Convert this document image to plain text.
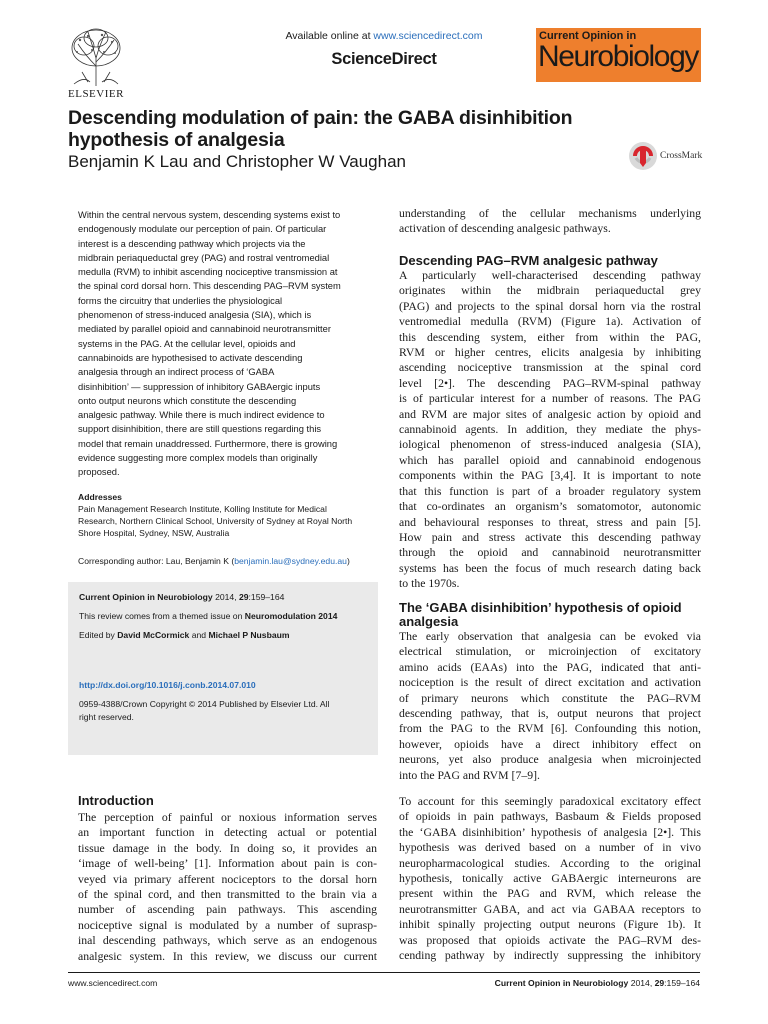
ELSEVIER
Available online at www.sciencedirect.com
ScienceDirect
Current Opinion in
Neurobiology
Descending modulation of pain: the GABA disinhibition
hypothesis of analgesia
Benjamin K Lau and Christopher W Vaughan	CrossMark
Within the central nervous system, descending systems exist to
endogenously modulate our perception of pain. Of particular
interest is a descending pathway which projects via the
midbrain periaqueductal grey (PAG) and rostral ventromedial
medulla (RVM) to inhibit ascending nociceptive transmission at
the spinal cord dorsal horn. This descending PAG–RVM system
forms the circuitry that underlies the physiological
phenomenon of stress-induced analgesia (SIA), which is
mediated by parallel opioid and cannabinoid neurotransmitter
systems in the PAG. At the cellular level, opioids and
cannabinoids are hypothesised to activate descending
analgesia through an indirect process of ‘GABA
disinhibition’ — suppression of inhibitory GABAergic inputs
onto output neurons which constitute the descending
analgesic pathway. While there is much indirect evidence to
support disinhibition, there are still questions regarding this
model that remain unaddressed. Furthermore, there is growing
evidence suggesting more complex models than originally
proposed.
Addresses
Pain Management Research Institute, Kolling Institute for Medical
Research, Northern Clinical School, University of Sydney at Royal North
Shore Hospital, Sydney, NSW, Australia
Corresponding author: Lau, Benjamin K (benjamin.lau@sydney.edu.au)
Current Opinion in Neurobiology 2014, 29:159–164
This review comes from a themed issue on Neuromodulation 2014
Edited by David McCormick and Michael P Nusbaum
http://dx.doi.org/10.1016/j.conb.2014.07.010
0959-4388/Crown Copyright © 2014 Published by Elsevier Ltd. All
right reserved.
Introduction
The perception of painful or noxious information serves
an important function in detecting actual or potential
tissue damage in the body. In doing so, it provides an
‘image of well-being’ [1]. Information about pain is con-
veyed via primary afferent nociceptors to the dorsal horn
of the spinal cord, and then transmitted to the brain via a
number of ascending pain pathways. This ascending
nociceptive signal is modulated by a number of suprasp-
inal descending pathways, which serve as an endogenous
analgesic system. In this review, we discuss our current
understanding of the cellular mechanisms underlying
activation of descending analgesic pathways.
Descending PAG–RVM analgesic pathway
A particularly well-characterised descending pathway
originates within the midbrain periaqueductal grey
(PAG) and projects to the spinal dorsal horn via the rostral
ventromedial medulla (RVM) (Figure 1a). Activation of
this descending system, either from within the PAG,
RVM or higher centres, elicits analgesia by inhibiting
ascending nociceptive transmission at the spinal cord
level [2•]. The descending PAG–RVM-spinal pathway
is of particular interest for a number of reasons. The PAG
and RVM are major sites of analgesic action by opioid and
cannabinoid agents. In addition, they mediate the phys-
iological phenomenon of stress-induced analgesia (SIA),
which has parallel opioid and cannabinoid endogenous
components within the PAG [3,4]. It is important to note
that this function is part of a broader regulatory system
that co-ordinates an organism’s somatomotor, autonomic
and behavioural responses to threat, stress and pain [5].
How pain and stress activate this descending pathway
through the opioid and cannabinoid neurotransmitter
systems has been the focus of much research dating back
to the 1970s.
The ‘GABA disinhibition’ hypothesis of opioid
analgesia
The early observation that analgesia can be evoked via
electrical stimulation, or microinjection of excitatory
amino acids (EAAs) into the PAG, indicated that anti-
nociception is the result of direct excitation and activation
of primary neurons which constitute the PAG–RVM
descending pathway, that is, output neurons that project
from the PAG to the RVM [6]. Confounding this notion,
however, opioids have a direct inhibitory effect on
neurons, yet also produce analgesia when microinjected
into the PAG and RVM [7–9].
To account for this seemingly paradoxical excitatory effect
of opioids in pain pathways, Basbaum & Fields proposed
the ‘GABA disinhibition’ hypothesis of analgesia [2•]. This
hypothesis was derived based on a number of in vivo
neuropharmacological studies. According to the original
hypothesis, tonically active GABAergic interneurons are
present within the PAG and RVM, which release the
neurotransmitter GABA, and act via GABAA receptors to
inhibit spinally projecting output neurons (Figure 1b). It
was proposed that opioids activate the PAG–RVM des-
cending pathway by indirectly suppressing the inhibitory
www.sciencedirect.com	Current Opinion in Neurobiology 2014, 29:159–164
